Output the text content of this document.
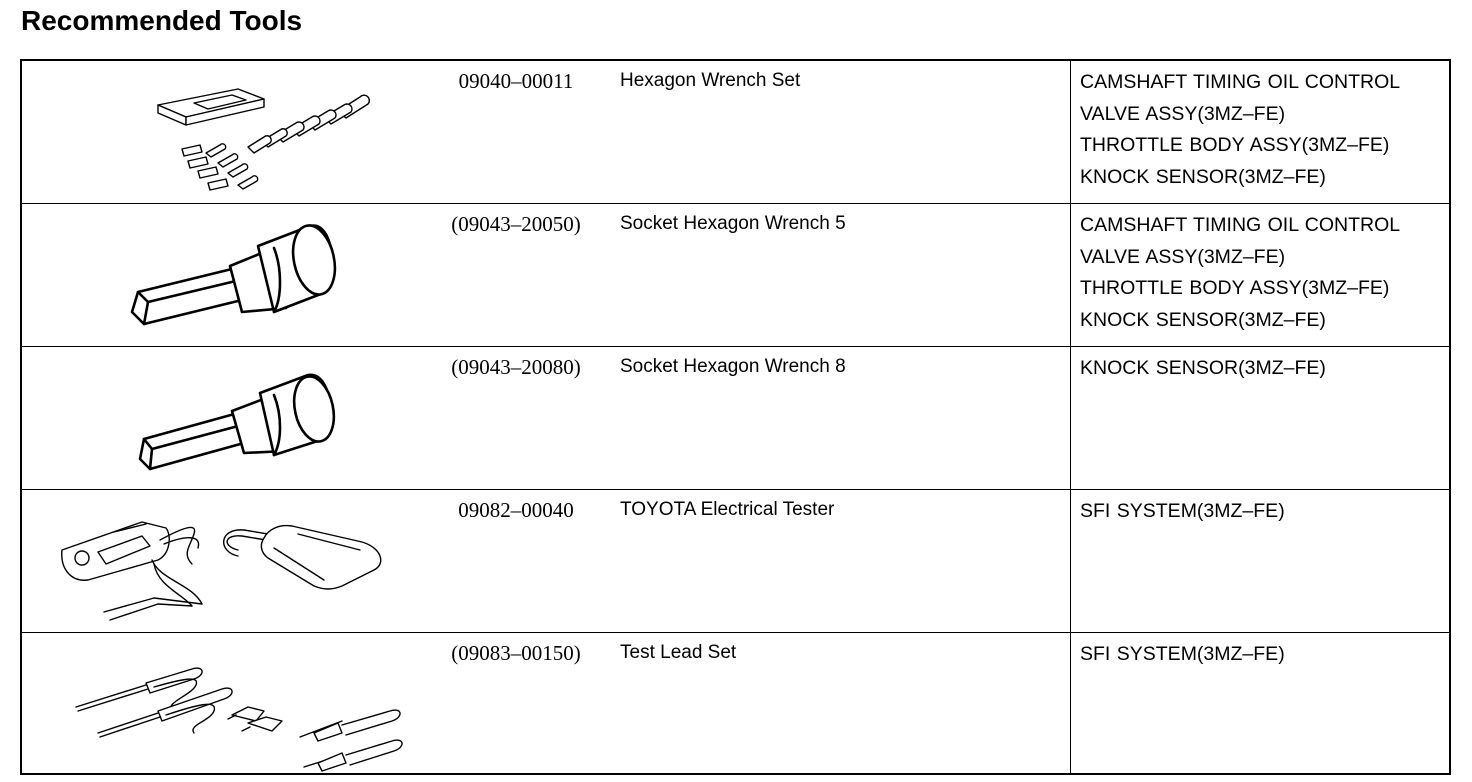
Recommended Tools
09040–00011	Hexagon Wrench Set	CAMSHAFT TIMING OIL CONTROL
VALVE ASSY(3MZ–FE)
THROTTLE BODY ASSY(3MZ–FE)
KNOCK SENSOR(3MZ–FE)
(09043–20050)	Socket Hexagon Wrench 5	CAMSHAFT TIMING OIL CONTROL
VALVE ASSY(3MZ–FE)
THROTTLE BODY ASSY(3MZ–FE)
KNOCK SENSOR(3MZ–FE)
(09043–20080)	Socket Hexagon Wrench 8	KNOCK SENSOR(3MZ–FE)
09082–00040	TOYOTA Electrical Tester	SFI SYSTEM(3MZ–FE)
(09083–00150)	Test Lead Set	SFI SYSTEM(3MZ–FE)
